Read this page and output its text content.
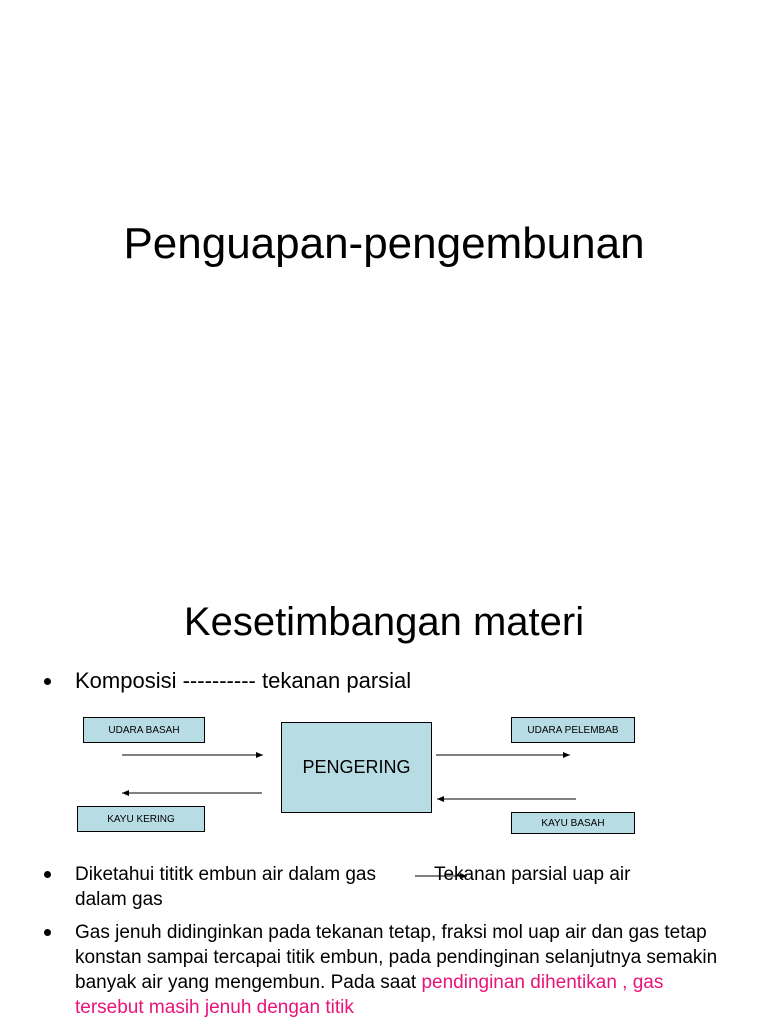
Penguapan-pengembunan
Kesetimbangan materi
Komposisi ---------- tekanan parsial
UDARA BASAH	UDARA PELEMBAB
PENGERING
KAYU KERING	KAYU BASAH
Diketahui tititk embun air dalam gas	Tekanan parsial uap air
dalam gas
Gas jenuh didinginkan pada tekanan tetap, fraksi mol uap air dan gas tetap konstan sampai tercapai titik embun, pada pendinginan selanjutnya semakin banyak air yang mengembun. Pada saat pendinginan dihentikan , gas tersebut masih jenuh dengan titik
